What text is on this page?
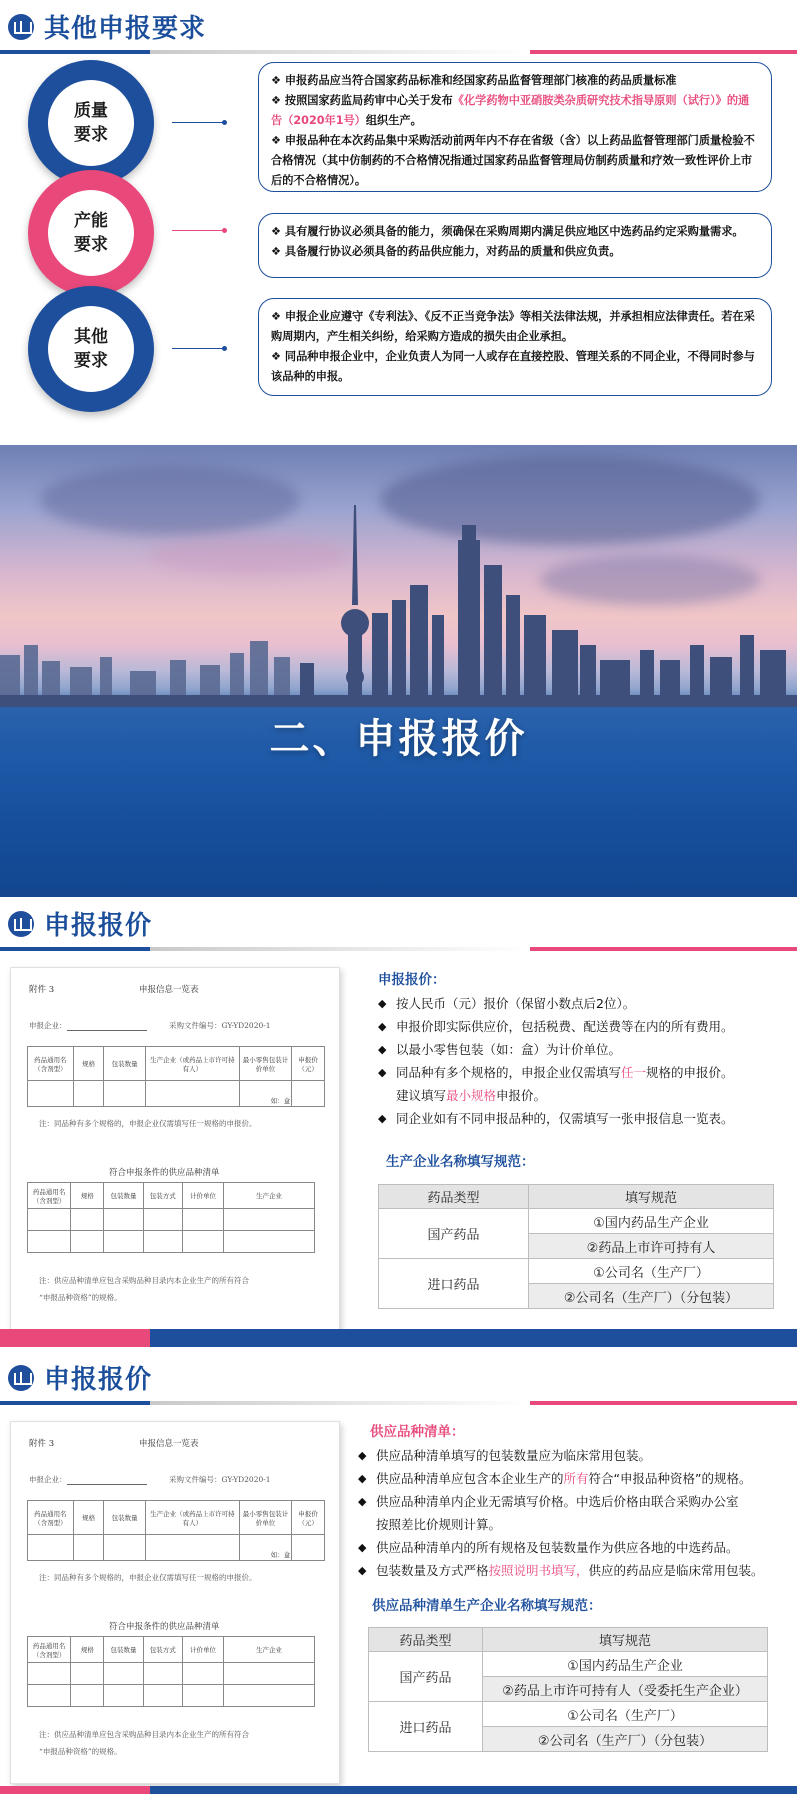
其他申报要求
质量
要求

❖ 申报药品应当符合国家药品标准和经国家药品监督管理部门核准的药品质量标准

❖ 按照国家药监局药审中心关于发布《化学药物中亚硝胺类杂质研究技术指导原则（试行）》的通告（2020年1号）组织生产。

❖ 申报品种在本次药品集中采购活动前两年内不存在省级（含）以上药品监督管理部门质量检验不合格情况（其中仿制药的不合格情况指通过国家药品监督管理局仿制药质量和疗效一致性评价上市后的不合格情况）。

产能
要求

❖ 具有履行协议必须具备的能力，须确保在采购周期内满足供应地区中选药品约定采购量需求。

❖ 具备履行协议必须具备的药品供应能力，对药品的质量和供应负责。

其他
要求

❖ 申报企业应遵守《专利法》、《反不正当竞争法》等相关法律法规，并承担相应法律责任。若在采购周期内，产生相关纠纷，给采购方造成的损失由企业承担。

❖ 同品种申报企业中，企业负责人为同一人或存在直接控股、管理关系的不同企业，不得同时参与该品种的申报。

二、申报报价
申报报价
附件 3	申报信息一览表
申报企业：	采购文件编号：GY-YD2020-1
药品通用名（含剂型）	规格	包装数量	生产企业（或药品上市许可持有人）	最小零售包装计价单位	申报价（元）
				如：盒	
注：同品种有多个规格的，申报企业仅需填写任一规格的申报价。
符合申报条件的供应品种清单
药品通用名（含剂型）	规格	包装数量	包装方式	计价单位	生产企业

注：供应品种清单应包含采购品种目录内本企业生产的所有符合
“申报品种资格”的规格。
申报报价：
◆ 按人民币（元）报价（保留小数点后2位）。
◆ 申报价即实际供应价，包括税费、配送费等在内的所有费用。
◆ 以最小零售包装（如：盒）为计价单位。
◆ 同品种有多个规格的，申报企业仅需填写任一规格的申报价。
建议填写最小规格申报价。
◆ 同企业如有不同申报品种的，仅需填写一张申报信息一览表。
生产企业名称填写规范：
药品类型	填写规范
国产药品	①国内药品生产企业
	②药品上市许可持有人
进口药品	①公司名（生产厂）
	②公司名（生产厂）（分包装）
申报报价
附件 3	申报信息一览表
申报企业：	采购文件编号：GY-YD2020-1
药品通用名（含剂型）	规格	包装数量	生产企业（或药品上市许可持有人）	最小零售包装计价单位	申报价（元）
				如：盒	
注：同品种有多个规格的，申报企业仅需填写任一规格的申报价。
符合申报条件的供应品种清单
药品通用名（含剂型）	规格	包装数量	包装方式	计价单位	生产企业

注：供应品种清单应包含采购品种目录内本企业生产的所有符合
“申报品种资格”的规格。
供应品种清单：
◆ 供应品种清单填写的包装数量应为临床常用包装。
◆ 供应品种清单应包含本企业生产的所有符合“申报品种资格”的规格。
◆ 供应品种清单内企业无需填写价格。中选后价格由联合采购办公室
按照差比价规则计算。
◆ 供应品种清单内的所有规格及包装数量作为供应各地的中选药品。
◆ 包装数量及方式严格按照说明书填写，供应的药品应是临床常用包装。
供应品种清单生产企业名称填写规范：
药品类型	填写规范
国产药品	①国内药品生产企业
	②药品上市许可持有人（受委托生产企业）
进口药品	①公司名（生产厂）
	②公司名（生产厂）（分包装）
